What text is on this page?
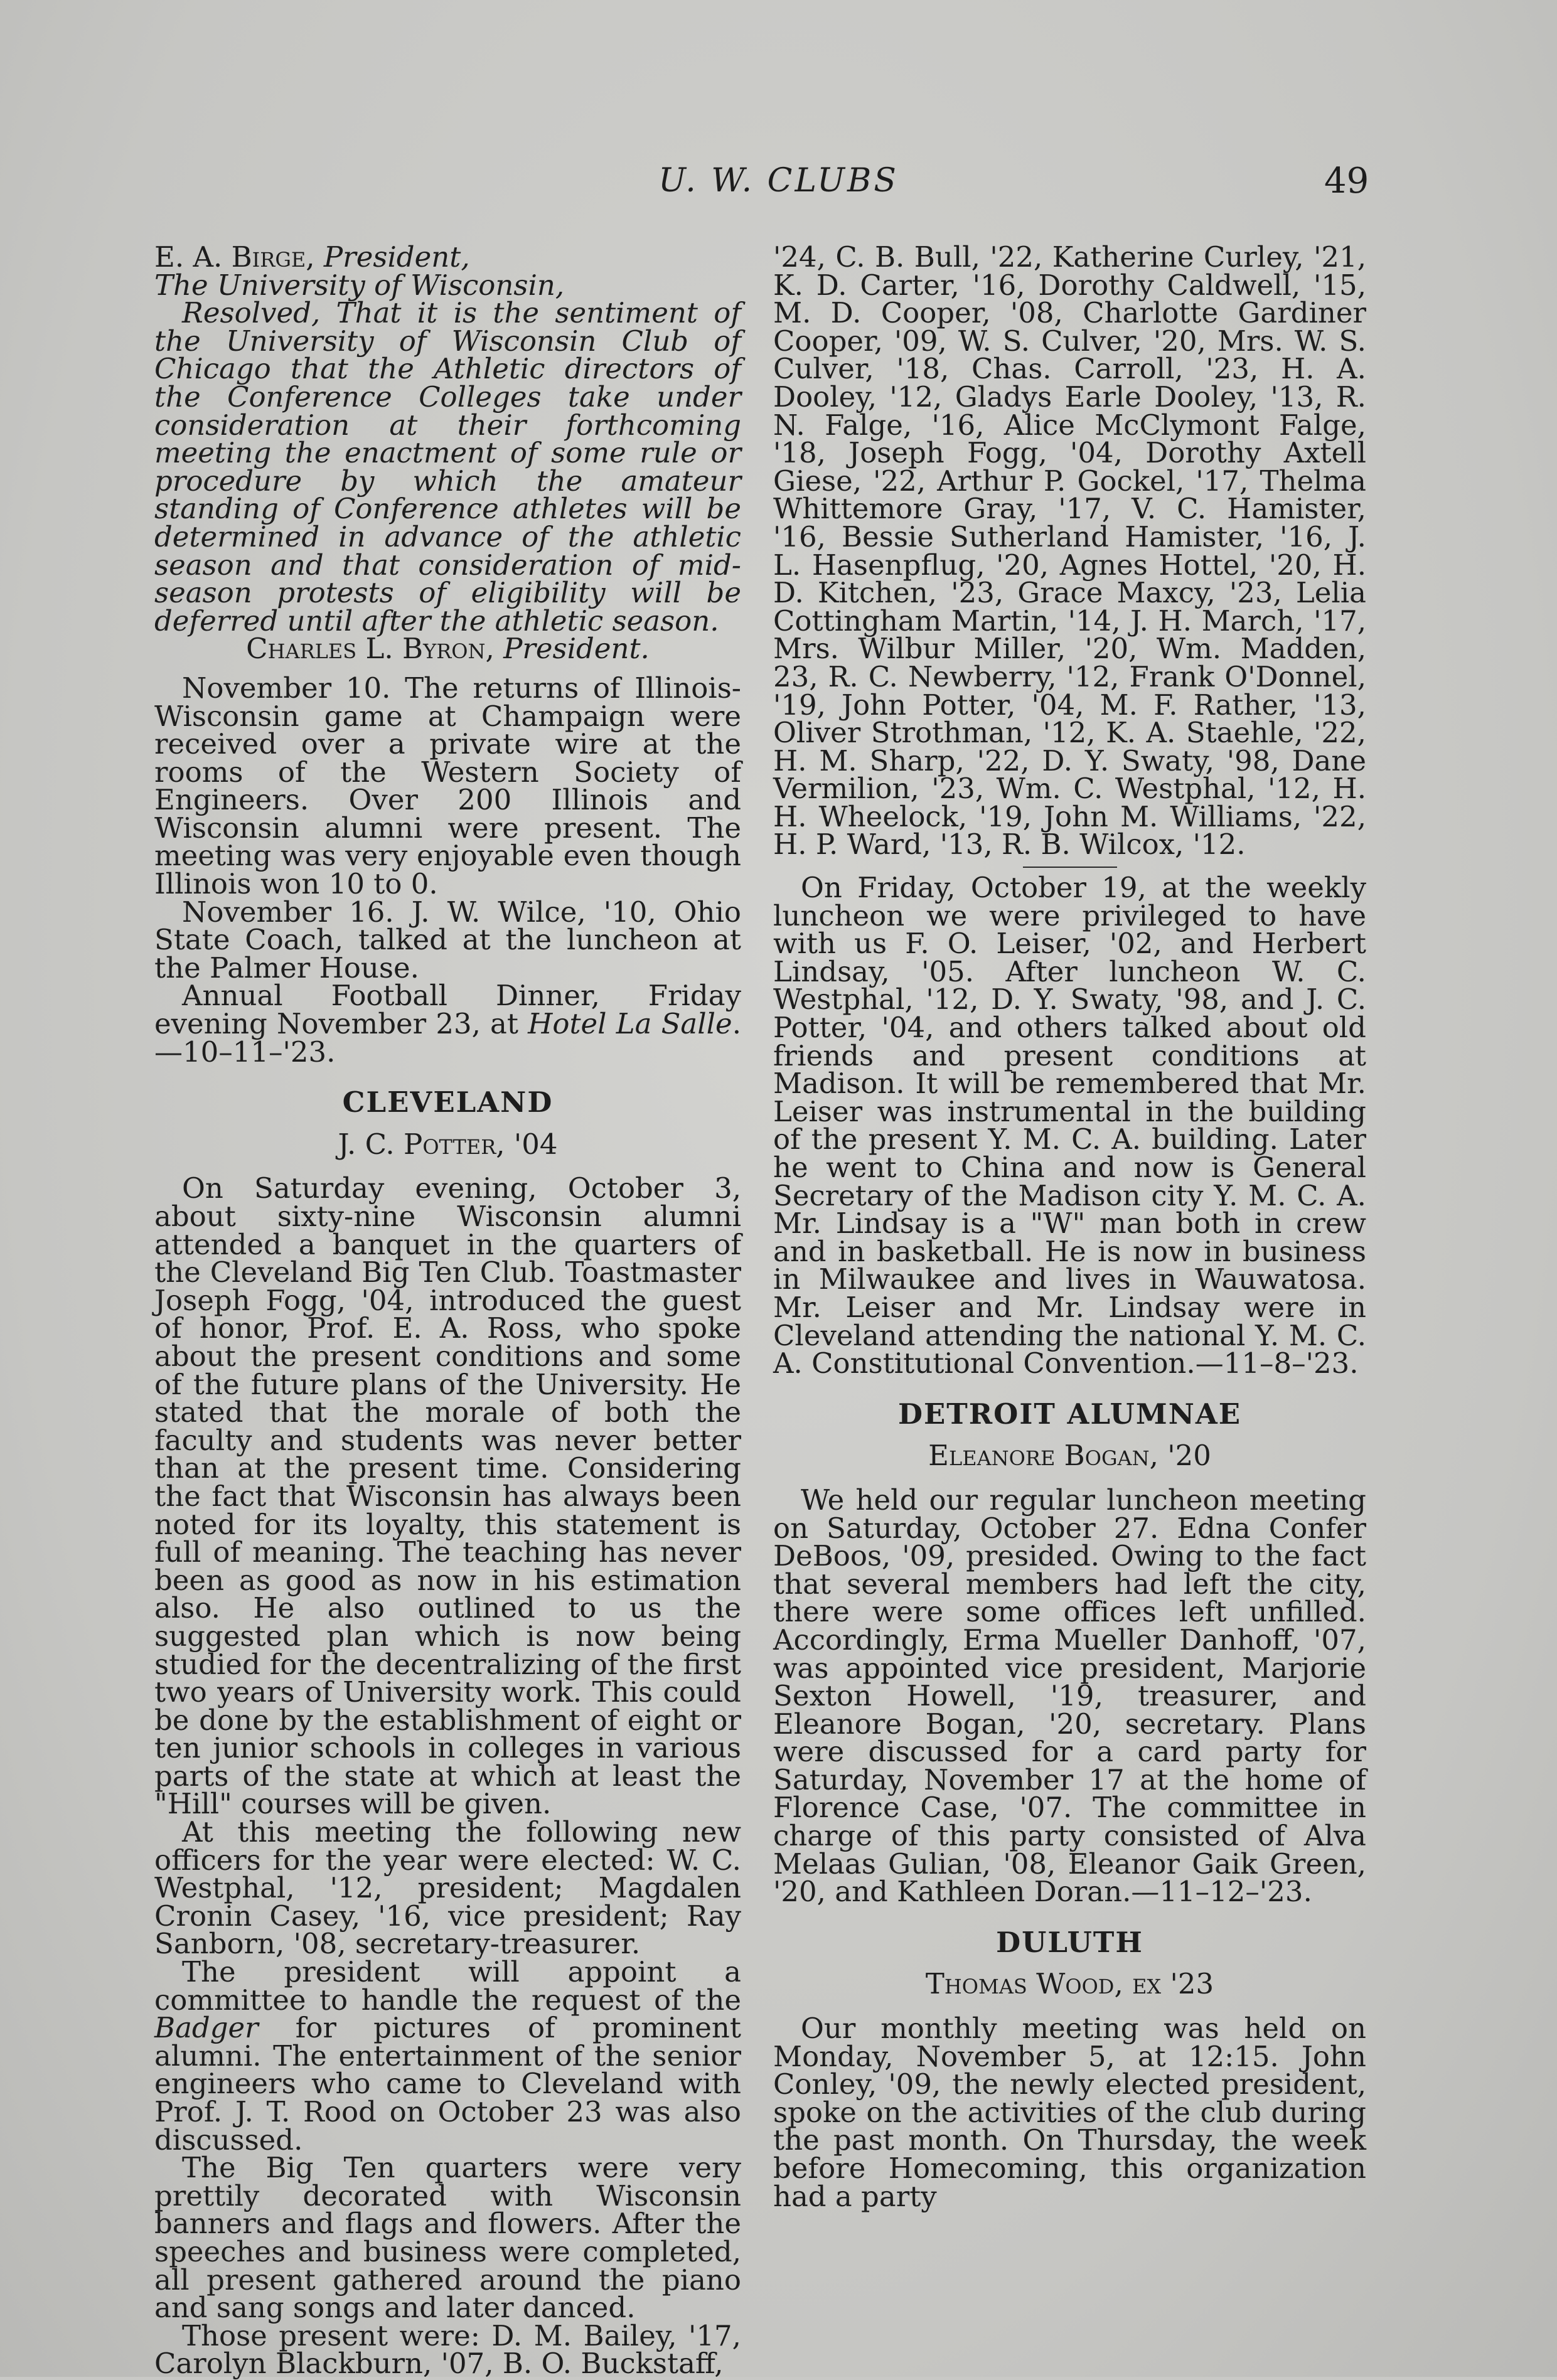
U. W. CLUBS	49

E. A. Birge, President,

The University of Wisconsin,

Resolved, That it is the sentiment of the University of Wisconsin Club of Chicago that the Athletic directors of the Conference Colleges take under consideration at their forthcoming meeting the enactment of some rule or procedure by which the amateur standing of Conference athletes will be determined in advance of the athletic season and that consideration of mid-season protests of eligibility will be deferred until after the athletic season.

Charles L. Byron, President.

November 10. The returns of Illinois-Wisconsin game at Champaign were received over a private wire at the rooms of the Western Society of Engineers. Over 200 Illinois and Wisconsin alumni were present. The meeting was very enjoyable even though Illinois won 10 to 0.

November 16. J. W. Wilce, '10, Ohio State Coach, talked at the luncheon at the Palmer House.

Annual Football Dinner, Friday evening November 23, at Hotel La Salle.—10–11–'23.

CLEVELAND
J. C. Potter, '04

On Saturday evening, October 3, about sixty-nine Wisconsin alumni attended a banquet in the quarters of the Cleveland Big Ten Club. Toastmaster Joseph Fogg, '04, introduced the guest of honor, Prof. E. A. Ross, who spoke about the present conditions and some of the future plans of the University. He stated that the morale of both the faculty and students was never better than at the present time. Considering the fact that Wisconsin has always been noted for its loyalty, this statement is full of meaning. The teaching has never been as good as now in his estimation also. He also outlined to us the suggested plan which is now being studied for the decentralizing of the first two years of University work. This could be done by the establishment of eight or ten junior schools in colleges in various parts of the state at which at least the "Hill" courses will be given.

At this meeting the following new officers for the year were elected: W. C. Westphal, '12, president; Magdalen Cronin Casey, '16, vice president; Ray Sanborn, '08, secretary-treasurer.

The president will appoint a committee to handle the request of the Badger for pictures of prominent alumni. The entertainment of the senior engineers who came to Cleveland with Prof. J. T. Rood on October 23 was also discussed.

The Big Ten quarters were very prettily decorated with Wisconsin banners and flags and flowers. After the speeches and business were completed, all present gathered around the piano and sang songs and later danced.

Those present were: D. M. Bailey, '17, Carolyn Blackburn, '07, B. O. Buckstaff,

'24, C. B. Bull, '22, Katherine Curley, '21, K. D. Carter, '16, Dorothy Caldwell, '15, M. D. Cooper, '08, Charlotte Gardiner Cooper, '09, W. S. Culver, '20, Mrs. W. S. Culver, '18, Chas. Carroll, '23, H. A. Dooley, '12, Gladys Earle Dooley, '13, R. N. Falge, '16, Alice McClymont Falge, '18, Joseph Fogg, '04, Dorothy Axtell Giese, '22, Arthur P. Gockel, '17, Thelma Whittemore Gray, '17, V. C. Hamister, '16, Bessie Sutherland Hamister, '16, J. L. Hasenpflug, '20, Agnes Hottel, '20, H. D. Kitchen, '23, Grace Maxcy, '23, Lelia Cottingham Martin, '14, J. H. March, '17, Mrs. Wilbur Miller, '20, Wm. Madden, 23, R. C. Newberry, '12, Frank O'Donnel, '19, John Potter, '04, M. F. Rather, '13, Oliver Strothman, '12, K. A. Staehle, '22, H. M. Sharp, '22, D. Y. Swaty, '98, Dane Vermilion, '23, Wm. C. Westphal, '12, H. H. Wheelock, '19, John M. Williams, '22, H. P. Ward, '13, R. B. Wilcox, '12.

On Friday, October 19, at the weekly luncheon we were privileged to have with us F. O. Leiser, '02, and Herbert Lindsay, '05. After luncheon W. C. Westphal, '12, D. Y. Swaty, '98, and J. C. Potter, '04, and others talked about old friends and present conditions at Madison. It will be remembered that Mr. Leiser was instrumental in the building of the present Y. M. C. A. building. Later he went to China and now is General Secretary of the Madison city Y. M. C. A. Mr. Lindsay is a "W" man both in crew and in basketball. He is now in business in Milwaukee and lives in Wauwatosa. Mr. Leiser and Mr. Lindsay were in Cleveland attending the national Y. M. C. A. Constitutional Convention.—11–8–'23.

DETROIT ALUMNAE
Eleanore Bogan, '20

We held our regular luncheon meeting on Saturday, October 27. Edna Confer DeBoos, '09, presided. Owing to the fact that several members had left the city, there were some offices left unfilled. Accordingly, Erma Mueller Danhoff, '07, was appointed vice president, Marjorie Sexton Howell, '19, treasurer, and Eleanore Bogan, '20, secretary. Plans were discussed for a card party for Saturday, November 17 at the home of Florence Case, '07. The committee in charge of this party consisted of Alva Melaas Gulian, '08, Eleanor Gaik Green, '20, and Kathleen Doran.—11–12–'23.

DULUTH
Thomas Wood, ex '23

Our monthly meeting was held on Monday, November 5, at 12:15. John Conley, '09, the newly elected president, spoke on the activities of the club during the past month. On Thursday, the week before Homecoming, this organization had a party
